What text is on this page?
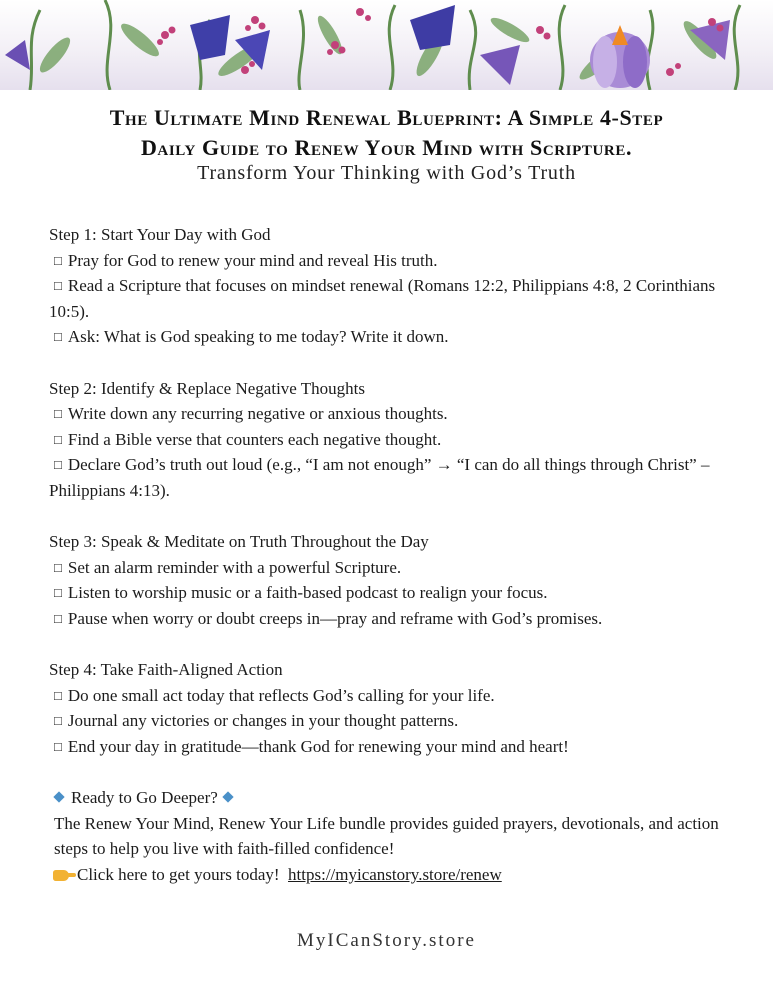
The Ultimate Mind Renewal Blueprint: A Simple 4-Step
Daily Guide to Renew Your Mind with Scripture.
Transform Your Thinking with God’s Truth
Step 1: Start Your Day with God
□ Pray for God to renew your mind and reveal His truth.
□ Read a Scripture that focuses on mindset renewal (Romans 12:2, Philippians 4:8, 2 Corinthians 10:5).
□ Ask: What is God speaking to me today? Write it down.
Step 2: Identify & Replace Negative Thoughts
□ Write down any recurring negative or anxious thoughts.
□ Find a Bible verse that counters each negative thought.
□ Declare God’s truth out loud (e.g., “I am not enough” → “I can do all things through Christ” – Philippians 4:13).
Step 3: Speak & Meditate on Truth Throughout the Day
□ Set an alarm reminder with a powerful Scripture.
□ Listen to worship music or a faith-based podcast to realign your focus.
□ Pause when worry or doubt creeps in—pray and reframe with God’s promises.
Step 4: Take Faith-Aligned Action
□ Do one small act today that reflects God’s calling for your life.
□ Journal any victories or changes in your thought patterns.
□ End your day in gratitude—thank God for renewing your mind and heart!
Ready to Go Deeper?
The Renew Your Mind, Renew Your Life bundle provides guided prayers, devotionals, and action steps to help you live with faith-filled confidence!
Click here to get yours today! https://myicanstory.store/renew
MyICanStory.store
